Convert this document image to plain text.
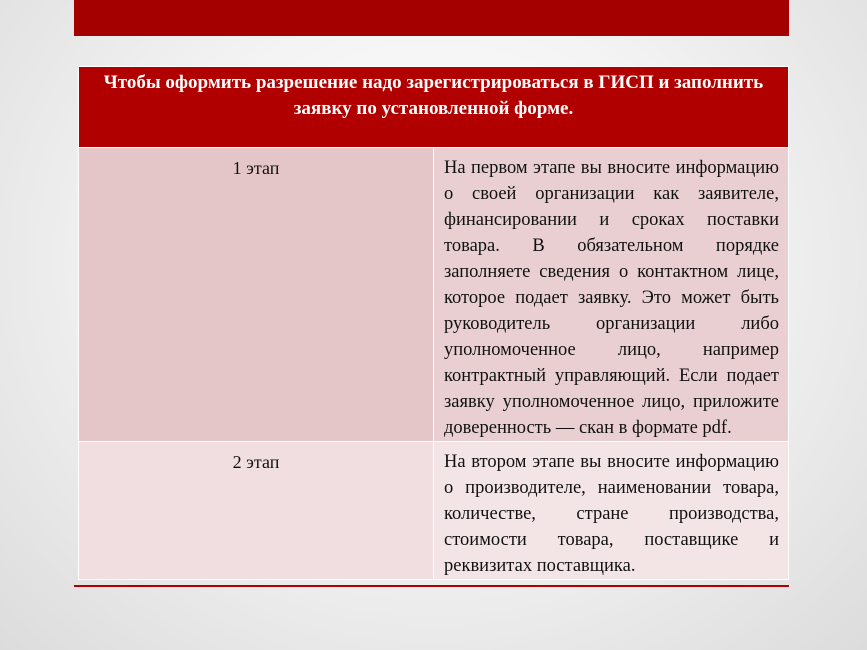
Чтобы оформить разрешение надо зарегистрироваться в ГИСП и заполнить заявку по установленной форме.	

1 этап	На первом этапе вы вносите информацию о своей организации как заявителе, финансировании и сроках поставки товара. В обязательном порядке заполняете сведения о контактном лице, которое подает заявку. Это может быть руководитель организации либо уполномоченное лицо, например контрактный управляющий. Если подает заявку уполномоченное лицо, приложите доверенность — скан в формате pdf.
2 этап	На втором этапе вы вносите информацию о производителе, наименовании товара, количестве, стране производства, стоимости товара, поставщике и реквизитах поставщика.
